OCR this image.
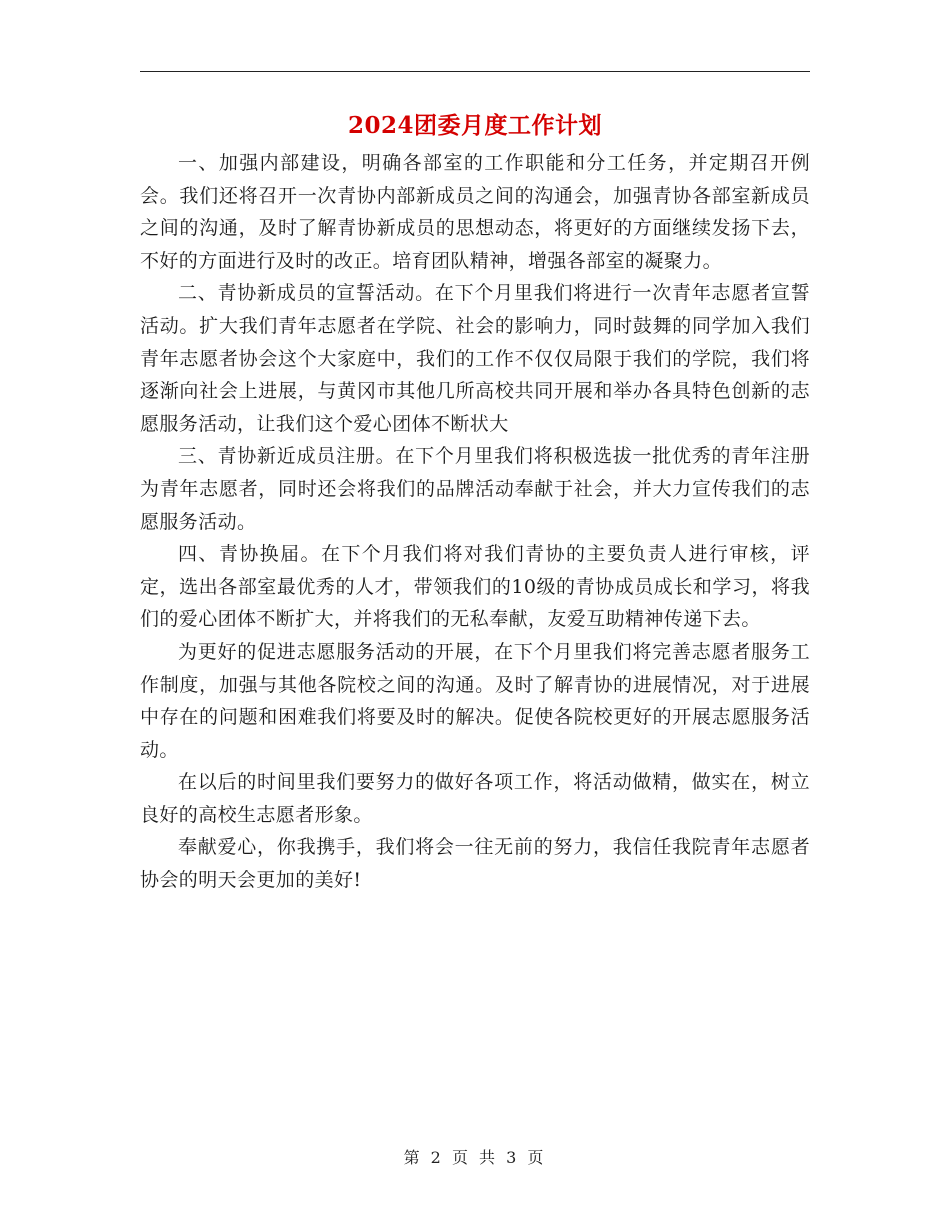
2024团委月度工作计划

一、加强内部建设，明确各部室的工作职能和分工任务，并定期召开例会。我们还将召开一次青协内部新成员之间的沟通会，加强青协各部室新成员之间的沟通，及时了解青协新成员的思想动态，将更好的方面继续发扬下去，不好的方面进行及时的改正。培育团队精神，增强各部室的凝聚力。

二、青协新成员的宣誓活动。在下个月里我们将进行一次青年志愿者宣誓活动。扩大我们青年志愿者在学院、社会的影响力，同时鼓舞的同学加入我们青年志愿者协会这个大家庭中，我们的工作不仅仅局限于我们的学院，我们将逐渐向社会上进展，与黄冈市其他几所高校共同开展和举办各具特色创新的志愿服务活动，让我们这个爱心团体不断状大

三、青协新近成员注册。在下个月里我们将积极选拔一批优秀的青年注册为青年志愿者，同时还会将我们的品牌活动奉献于社会，并大力宣传我们的志愿服务活动。

四、青协换届。在下个月我们将对我们青协的主要负责人进行审核，评定，选出各部室最优秀的人才，带领我们的10级的青协成员成长和学习，将我们的爱心团体不断扩大，并将我们的无私奉献，友爱互助精神传递下去。

为更好的促进志愿服务活动的开展，在下个月里我们将完善志愿者服务工作制度，加强与其他各院校之间的沟通。及时了解青协的进展情况，对于进展中存在的问题和困难我们将要及时的解决。促使各院校更好的开展志愿服务活动。

在以后的时间里我们要努力的做好各项工作，将活动做精，做实在，树立良好的高校生志愿者形象。

奉献爱心，你我携手，我们将会一往无前的努力，我信任我院青年志愿者协会的明天会更加的美好!

第 2 页 共 3 页
